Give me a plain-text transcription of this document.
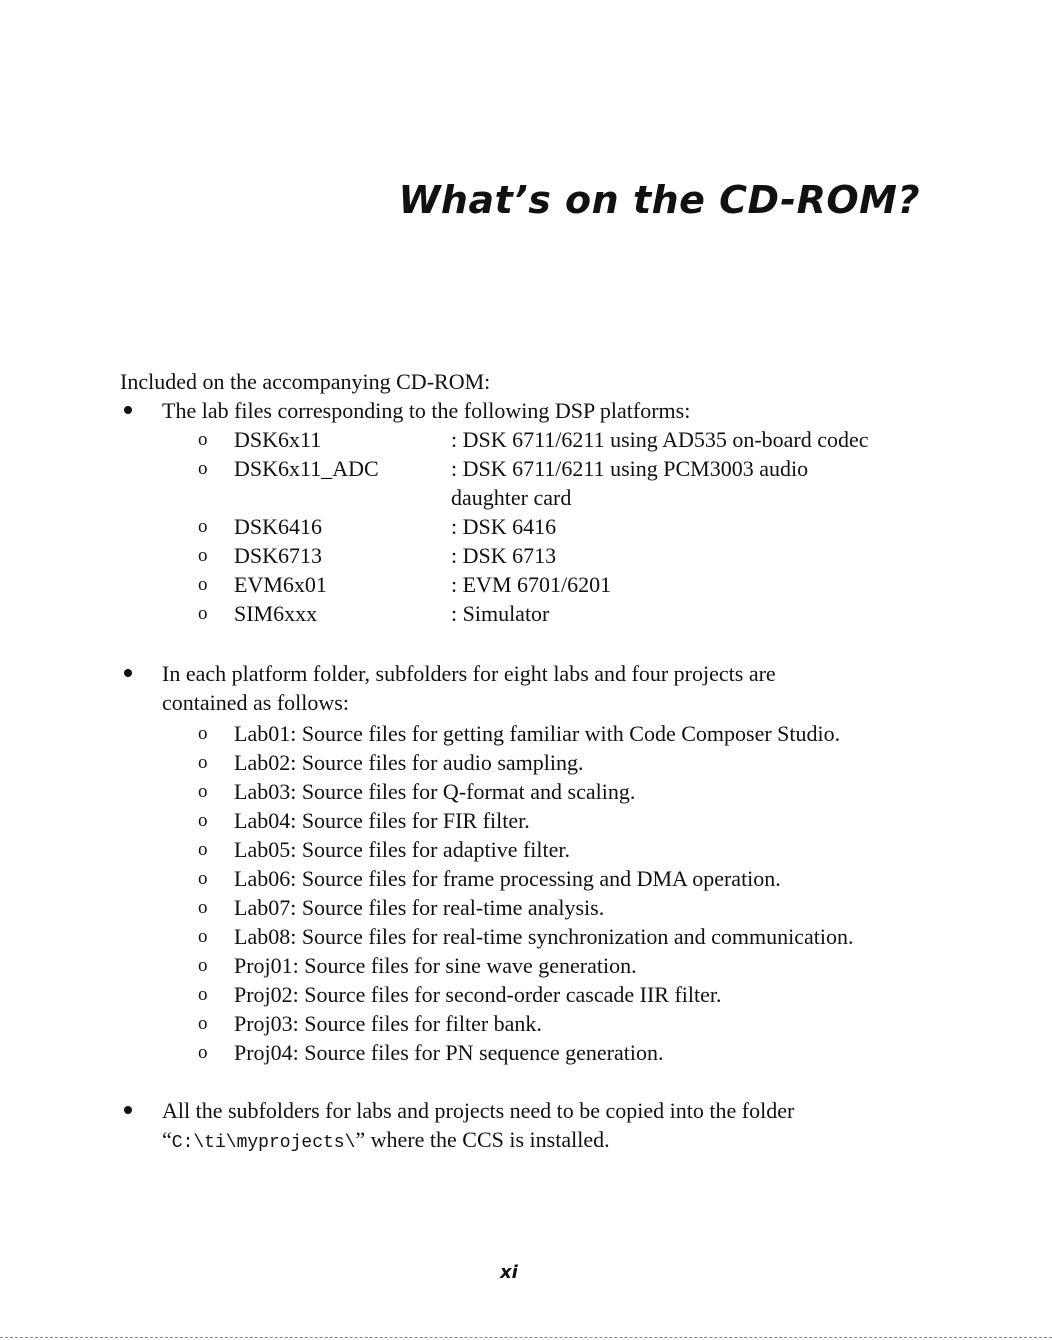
What’s on the CD-ROM?
Included on the accompanying CD-ROM:
The lab files corresponding to the following DSP platforms:
o DSK6x11	: DSK 6711/6211 using AD535 on-board codec
o DSK6x11_ADC	: DSK 6711/6211 using PCM3003 audio
daughter card
o DSK6416	: DSK 6416
o DSK6713	: DSK 6713
o EVM6x01	: EVM 6701/6201
o SIM6xxx	: Simulator
In each platform folder, subfolders for eight labs and four projects are
contained as follows:
o Lab01: Source files for getting familiar with Code Composer Studio.
o Lab02: Source files for audio sampling.
o Lab03: Source files for Q-format and scaling.
o Lab04: Source files for FIR filter.
o Lab05: Source files for adaptive filter.
o Lab06: Source files for frame processing and DMA operation.
o Lab07: Source files for real-time analysis.
o Lab08: Source files for real-time synchronization and communication.
o Proj01: Source files for sine wave generation.
o Proj02: Source files for second-order cascade IIR filter.
o Proj03: Source files for filter bank.
o Proj04: Source files for PN sequence generation.
All the subfolders for labs and projects need to be copied into the folder
“C:\ti\myprojects\” where the CCS is installed.
xi
